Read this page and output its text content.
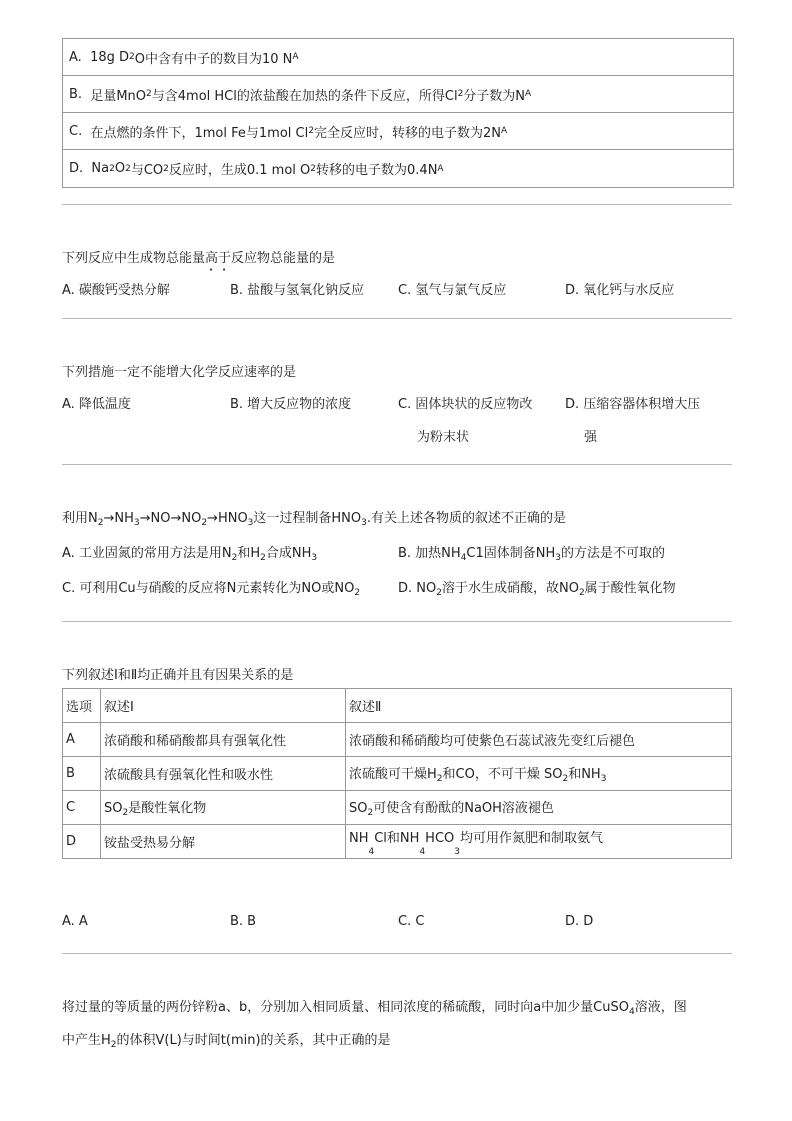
A.
18g D 2 O中含有中子的数目为10 N A
B.
足量MnO 2 与含4mol HCl的浓盐酸在加热的条件下反应，所得Cl 2 分子数为N A
C.
在点燃的条件下，1mol Fe与1mol Cl 2 完全反应时，转移的电子数为2N A
D.
Na 2 O 2 与CO 2 反应时，生成0.1 mol O 2 转移的电子数为0.4N A
下列反应中生成物总能量高于反应物总能量的是
A. 碳酸钙受热分解	B. 盐酸与氢氧化钠反应	C. 氢气与氯气反应	D. 氧化钙与水反应
下列措施一定不能增大化学反应速率的是
A. 降低温度	B. 增大反应物的浓度	C. 固体块状的反应物改
为粉末状
D. 压缩容器体积增大压
强
利用$N_2\to NH_3\to NO\to NO_2\to HNO_3$这一过程制备$HNO_3$.有关上述各物质的叙述不正确的是
A. 工业固氮的常用方法是用$N_2$和$H_2$合成$NH_3$	B. 加热$NH_4C1$固体制备$NH_3$的方法是不可取的
C. 可利用Cu与硝酸的反应将N元素转化为NO或$NO_2$	D. $NO_2$溶于水生成硝酸，故$NO_2$属于酸性氧化物
下列叙述Ⅰ和Ⅱ均正确并且有因果关系的是
选项	叙述Ⅰ	叙述Ⅱ
A	浓硝酸和稀硝酸都具有强氧化性	浓硝酸和稀硝酸均可使紫色石蕊试液先变红后褪色
B	浓硫酸具有强氧化性和吸水性	浓硫酸可干燥$H_2$和CO，不可干燥 $SO_2$和$NH_3$
C	$SO_2$是酸性氧化物	$SO_2$可使含有酚酞的NaOH溶液褪色
D	铵盐受热易分解	$NH_4Cl$和$NH_4HCO_3$均可用作氮肥和制取氨气
A. A	B. B	C. C	D. D
将过量的等质量的两份锌粉a、b，分别加入相同质量、相同浓度的稀硫酸，同时向a中加少量CuSO$_4$溶液，图
中产生$H_2$的体积V(L)与时间t(min)的关系，其中正确的是
